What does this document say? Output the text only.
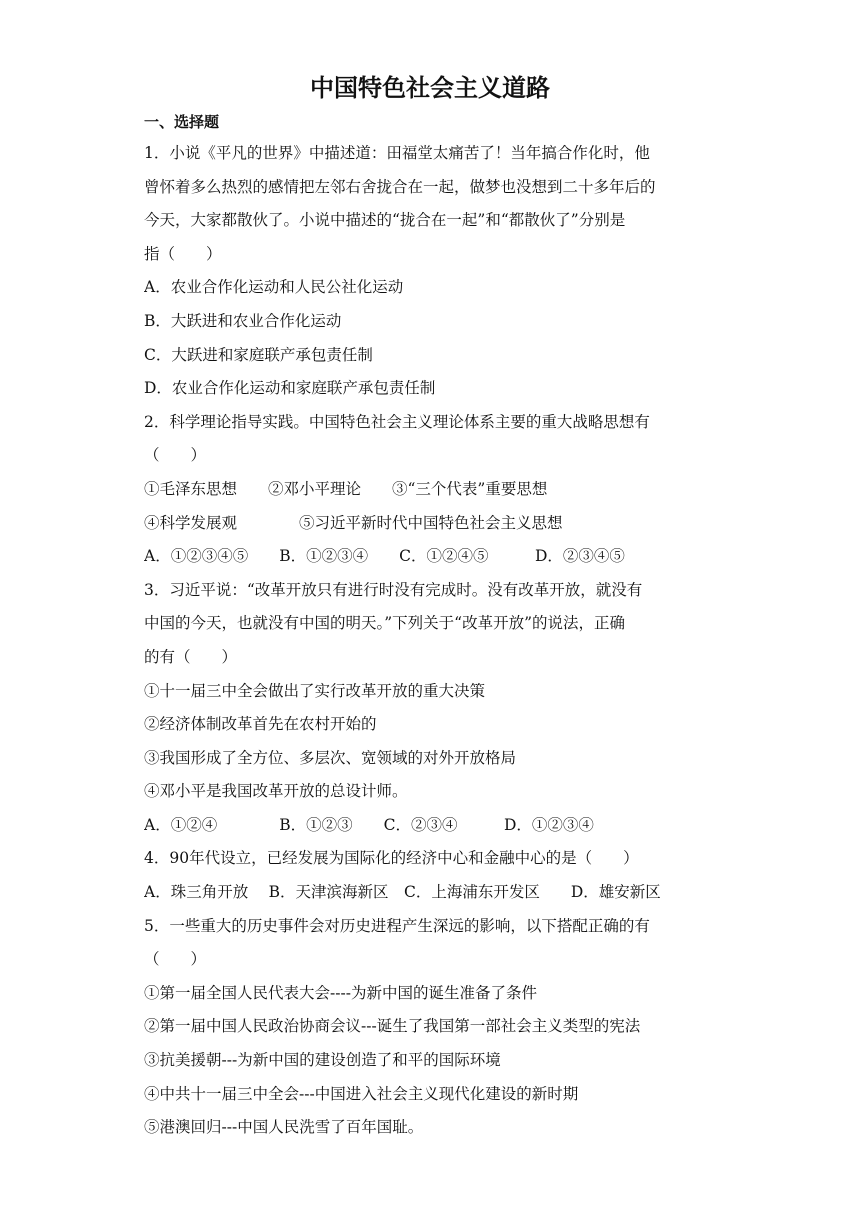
中国特色社会主义道路
一、选择题
1．小说《平凡的世界》中描述道：田福堂太痛苦了！当年搞合作化时，他
曾怀着多么热烈的感情把左邻右舍拢合在一起，做梦也没想到二十多年后的
今天，大家都散伙了。小说中描述的“拢合在一起”和“都散伙了”分别是
指（　　）
A．农业合作化运动和人民公社化运动
B．大跃进和农业合作化运动
C．大跃进和家庭联产承包责任制
D．农业合作化运动和家庭联产承包责任制
2．科学理论指导实践。中国特色社会主义理论体系主要的重大战略思想有
（　　）
①毛泽东思想　　②邓小平理论　　③“三个代表”重要思想
④科学发展观　　　　⑤习近平新时代中国特色社会主义思想
A．①②③④⑤　　B．①②③④　　C．①②④⑤　　　D．②③④⑤
3．习近平说：“改革开放只有进行时没有完成时。没有改革开放，就没有
中国的今天，也就没有中国的明天。”下列关于“改革开放”的说法，正确
的有（　　）
①十一届三中全会做出了实行改革开放的重大决策
②经济体制改革首先在农村开始的
③我国形成了全方位、多层次、宽领域的对外开放格局
④邓小平是我国改革开放的总设计师。
A．①②④　　　　B．①②③　　C．②③④　　　D．①②③④
4．90年代设立，已经发展为国际化的经济中心和金融中心的是（　　）
A．珠三角开放　 B．天津滨海新区　C．上海浦东开发区　　D．雄安新区
5．一些重大的历史事件会对历史进程产生深远的影响，以下搭配正确的有
（　　）
①第一届全国人民代表大会----为新中国的诞生准备了条件
②第一届中国人民政治协商会议---诞生了我国第一部社会主义类型的宪法
③抗美援朝---为新中国的建设创造了和平的国际环境
④中共十一届三中全会---中国进入社会主义现代化建设的新时期
⑤港澳回归---中国人民洗雪了百年国耻。
